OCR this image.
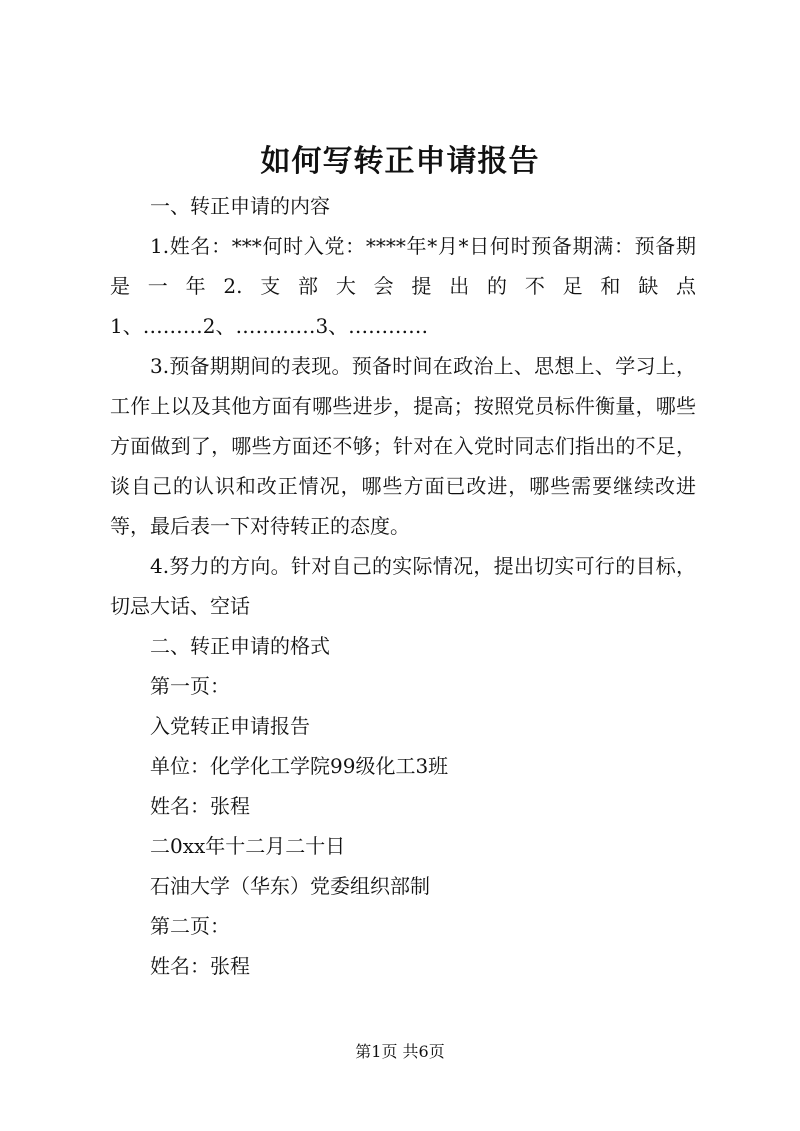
如何写转正申请报告

一、转正申请的内容

1.姓名：***何时入党：****年*月*日何时预备期满：预备期是一年2.支部大会提出的不足和缺点

1、………2、…………3、…………

3.预备期期间的表现。预备时间在政治上、思想上、学习上，工作上以及其他方面有哪些进步，提高；按照党员标件衡量，哪些方面做到了，哪些方面还不够；针对在入党时同志们指出的不足，谈自己的认识和改正情况，哪些方面已改进，哪些需要继续改进等，最后表一下对待转正的态度。

4.努力的方向。针对自己的实际情况，提出切实可行的目标，切忌大话、空话

二、转正申请的格式

第一页：

入党转正申请报告

单位：化学化工学院99级化工3班

姓名：张程

二0xx年十二月二十日

石油大学（华东）党委组织部制

第二页：

姓名：张程

第1页 共6页
